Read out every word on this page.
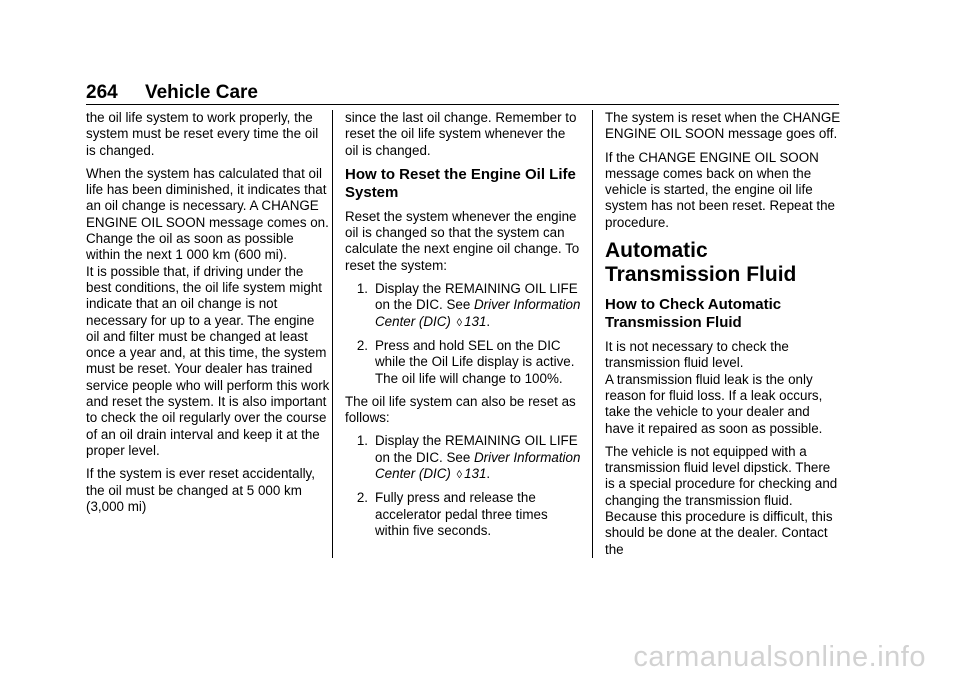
264 Vehicle Care

the oil life system to work properly, the system must be reset every time the oil is changed.

When the system has calculated that oil life has been diminished, it indicates that an oil change is necessary. A CHANGE ENGINE OIL SOON message comes on. Change the oil as soon as possible within the next 1 000 km (600 mi).

It is possible that, if driving under the best conditions, the oil life system might indicate that an oil change is not necessary for up to a year. The engine oil and filter must be changed at least once a year and, at this time, the system must be reset. Your dealer has trained service people who will perform this work and reset the system. It is also important to check the oil regularly over the course of an oil drain interval and keep it at the proper level.

If the system is ever reset accidentally, the oil must be changed at 5 000 km (3,000 mi)

since the last oil change. Remember to reset the oil life system whenever the oil is changed.

How to Reset the Engine Oil Life System

Reset the system whenever the engine oil is changed so that the system can calculate the next engine oil change. To reset the system:

1. Display the REMAINING OIL LIFE on the DIC. See Driver Information Center (DIC) ◊ 131.
2. Press and hold SEL on the DIC while the Oil Life display is active. The oil life will change to 100%.

The oil life system can also be reset as follows:

1. Display the REMAINING OIL LIFE on the DIC. See Driver Information Center (DIC) ◊ 131.
2. Fully press and release the accelerator pedal three times within five seconds.

The system is reset when the CHANGE ENGINE OIL SOON message goes off.

If the CHANGE ENGINE OIL SOON message comes back on when the vehicle is started, the engine oil life system has not been reset. Repeat the procedure.

Automatic Transmission Fluid
How to Check Automatic Transmission Fluid

It is not necessary to check the transmission fluid level.

A transmission fluid leak is the only reason for fluid loss. If a leak occurs, take the vehicle to your dealer and have it repaired as soon as possible.

The vehicle is not equipped with a transmission fluid level dipstick. There is a special procedure for checking and changing the transmission fluid. Because this procedure is difficult, this should be done at the dealer. Contact the

carmanualsonline.info
